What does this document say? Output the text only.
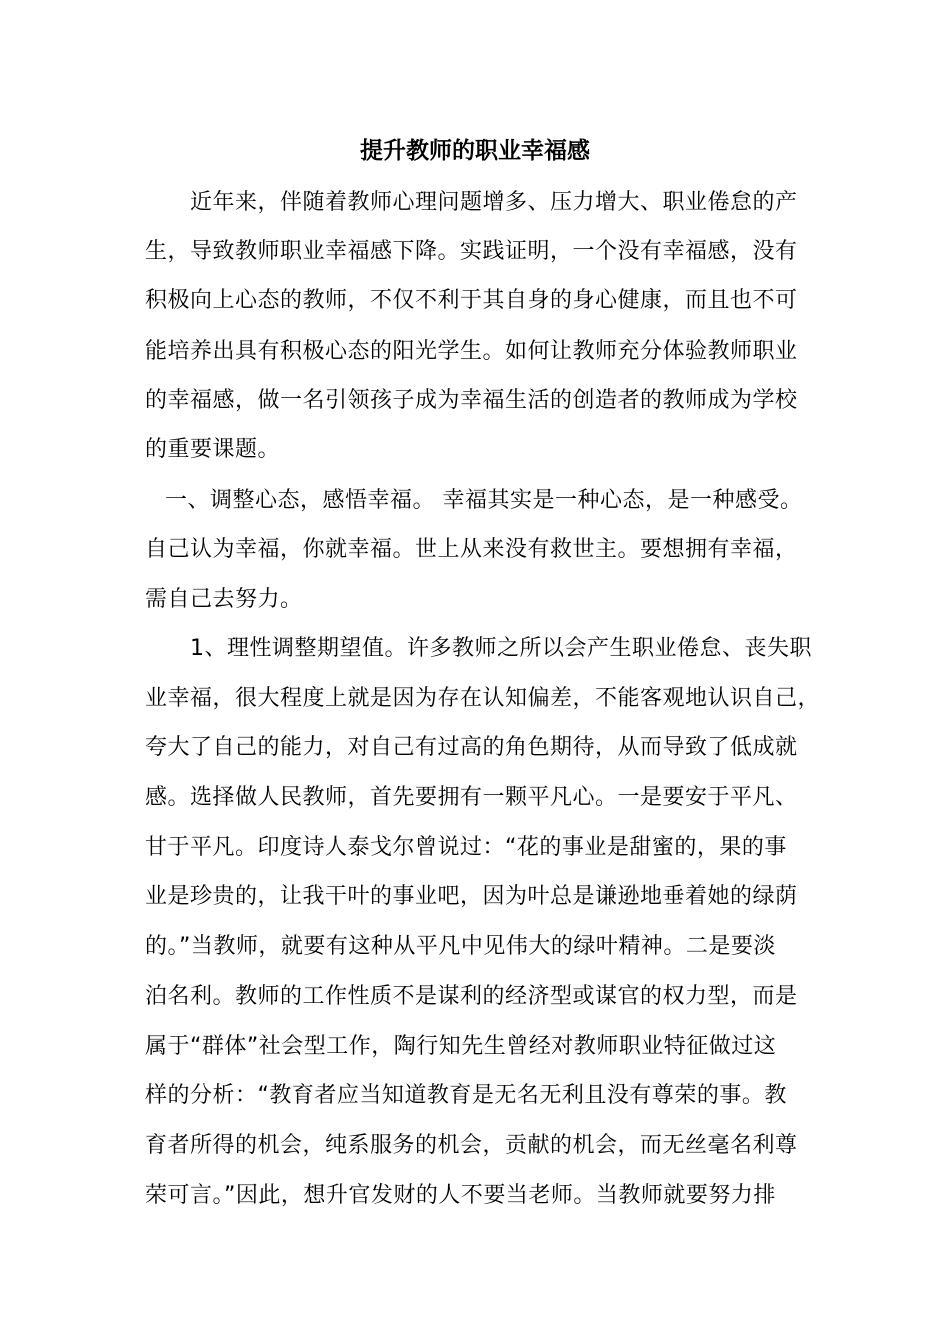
提升教师的职业幸福感
近年来，伴随着教师心理问题增多、压力增大、职业倦怠的产
生，导致教师职业幸福感下降。实践证明，一个没有幸福感，没有
积极向上心态的教师，不仅不利于其自身的身心健康，而且也不可
能培养出具有积极心态的阳光学生。如何让教师充分体验教师职业
的幸福感，做一名引领孩子成为幸福生活的创造者的教师成为学校
的重要课题。
一、调整心态，感悟幸福。 幸福其实是一种心态，是一种感受。
自己认为幸福，你就幸福。世上从来没有救世主。要想拥有幸福，
需自己去努力。
1、理性调整期望值。许多教师之所以会产生职业倦怠、丧失职
业幸福，很大程度上就是因为存在认知偏差，不能客观地认识自己，
夸大了自己的能力，对自己有过高的角色期待，从而导致了低成就
感。选择做人民教师，首先要拥有一颗平凡心。一是要安于平凡、
甘于平凡。印度诗人泰戈尔曾说过：“花的事业是甜蜜的，果的事
业是珍贵的，让我干叶的事业吧，因为叶总是谦逊地垂着她的绿荫
的。”当教师，就要有这种从平凡中见伟大的绿叶精神。二是要淡
泊名利。教师的工作性质不是谋利的经济型或谋官的权力型，而是
属于“群体”社会型工作，陶行知先生曾经对教师职业特征做过这
样的分析：“教育者应当知道教育是无名无利且没有尊荣的事。教
育者所得的机会，纯系服务的机会，贡献的机会，而无丝毫名利尊
荣可言。”因此，想升官发财的人不要当老师。当教师就要努力排
